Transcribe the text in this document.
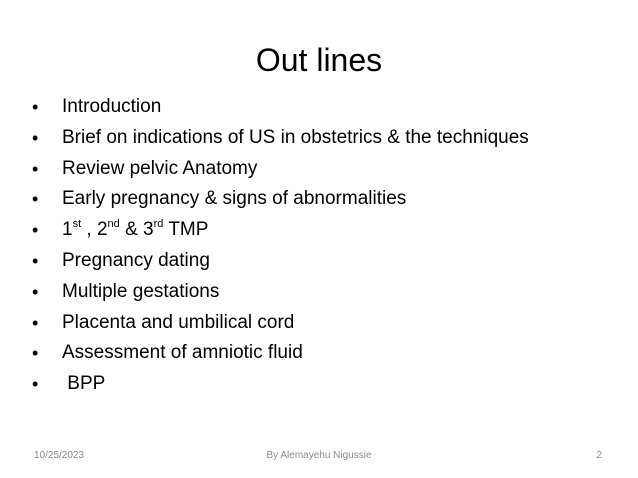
Out lines
•	Introduction
•	Brief on indications of US in obstetrics & the techniques
•	Review pelvic Anatomy
•	Early pregnancy & signs of abnormalities
•	1st , 2nd & 3rd TMP
•	Pregnancy dating
•	Multiple gestations
•	Placenta and umbilical cord
•	Assessment of amniotic fluid
•	BPP
10/25/2023	By Alemayehu Nigussie	2
